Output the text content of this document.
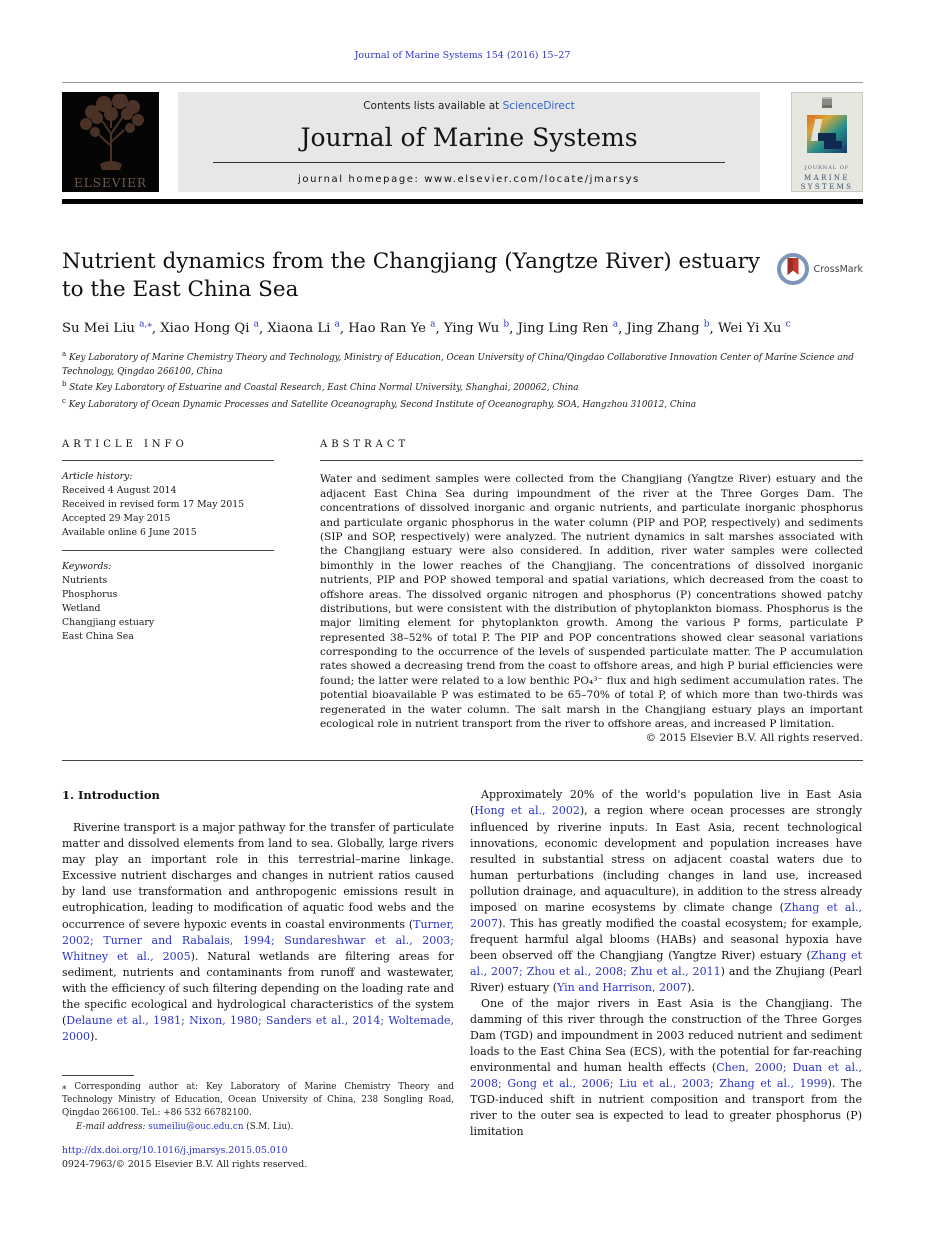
Journal of Marine Systems 154 (2016) 15–27
ELSEVIER
Contents lists available at ScienceDirect
Journal of Marine Systems
journal homepage: www.elsevier.com/locate/jmarsys
JOURNAL OF
MARINE
SYSTEMS
Nutrient dynamics from the Changjiang (Yangtze River) estuary to the East China Sea
CrossMark
Su Mei Liu $^{a,⁎}$, Xiao Hong Qi $^a$, Xiaona Li $^a$, Hao Ran Ye $^a$, Ying Wu $^b$, Jing Ling Ren $^a$, Jing Zhang $^b$, Wei Yi Xu $^c$
$^a$ Key Laboratory of Marine Chemistry Theory and Technology, Ministry of Education, Ocean University of China/Qingdao Collaborative Innovation Center of Marine Science and Technology, Qingdao 266100, China
$^b$ State Key Laboratory of Estuarine and Coastal Research, East China Normal University, Shanghai, 200062, China
$^c$ Key Laboratory of Ocean Dynamic Processes and Satellite Oceanography, Second Institute of Oceanography, SOA, Hangzhou 310012, China
ARTICLE INFO
Article history:
Received 4 August 2014
Received in revised form 17 May 2015
Accepted 29 May 2015
Available online 6 June 2015
Keywords:
Nutrients
Phosphorus
Wetland
Changjiang estuary
East China Sea
ABSTRACT
Water and sediment samples were collected from the Changjiang (Yangtze River) estuary and the adjacent East China Sea during impoundment of the river at the Three Gorges Dam. The concentrations of dissolved inorganic and organic nutrients, and particulate inorganic phosphorus and particulate organic phosphorus in the water column (PIP and POP, respectively) and sediments (SIP and SOP, respectively) were analyzed. The nutrient dynamics in salt marshes associated with the Changjiang estuary were also considered. In addition, river water samples were collected bimonthly in the lower reaches of the Changjiang. The concentrations of dissolved inorganic nutrients, PIP and POP showed temporal and spatial variations, which decreased from the coast to offshore areas. The dissolved organic nitrogen and phosphorus (P) concentrations showed patchy distributions, but were consistent with the distribution of phytoplankton biomass. Phosphorus is the major limiting element for phytoplankton growth. Among the various P forms, particulate P represented 38–52% of total P. The PIP and POP concentrations showed clear seasonal variations corresponding to the occurrence of the levels of suspended particulate matter. The P accumulation rates showed a decreasing trend from the coast to offshore areas, and high P burial efficiencies were found; the latter were related to a low benthic PO₄³⁻ flux and high sediment accumulation rates. The potential bioavailable P was estimated to be 65–70% of total P, of which more than two-thirds was regenerated in the water column. The salt marsh in the Changjiang estuary plays an important ecological role in nutrient transport from the river to offshore areas, and increased P limitation.
© 2015 Elsevier B.V. All rights reserved.

1. Introduction

Riverine transport is a major pathway for the transfer of particulate matter and dissolved elements from land to sea. Globally, large rivers may play an important role in this terrestrial–marine linkage. Excessive nutrient discharges and changes in nutrient ratios caused by land use transformation and anthropogenic emissions result in eutrophication, leading to modification of aquatic food webs and the occurrence of severe hypoxic events in coastal environments (Turner, 2002; Turner and Rabalais, 1994; Sundareshwar et al., 2003; Whitney et al., 2005). Natural wetlands are filtering areas for sediment, nutrients and contaminants from runoff and wastewater, with the efficiency of such filtering depending on the loading rate and the specific ecological and hydrological characteristics of the system (Delaune et al., 1981; Nixon, 1980; Sanders et al., 2014; Woltemade, 2000).

⁎ Corresponding author at: Key Laboratory of Marine Chemistry Theory and Technology Ministry of Education, Ocean University of China, 238 Songling Road, Qingdao 266100. Tel.: +86 532 66782100.
E-mail address: sumeiliu@ouc.edu.cn (S.M. Liu).

Approximately 20% of the world's population live in East Asia (Hong et al., 2002), a region where ocean processes are strongly influenced by riverine inputs. In East Asia, recent technological innovations, economic development and population increases have resulted in substantial stress on adjacent coastal waters due to human perturbations (including changes in land use, increased pollution drainage, and aquaculture), in addition to the stress already imposed on marine ecosystems by climate change (Zhang et al., 2007). This has greatly modified the coastal ecosystem; for example, frequent harmful algal blooms (HABs) and seasonal hypoxia have been observed off the Changjiang (Yangtze River) estuary (Zhang et al., 2007; Zhou et al., 2008; Zhu et al., 2011) and the Zhujiang (Pearl River) estuary (Yin and Harrison, 2007).

One of the major rivers in East Asia is the Changjiang. The damming of this river through the construction of the Three Gorges Dam (TGD) and impoundment in 2003 reduced nutrient and sediment loads to the East China Sea (ECS), with the potential for far-reaching environmental and human health effects (Chen, 2000; Duan et al., 2008; Gong et al., 2006; Liu et al., 2003; Zhang et al., 1999). The TGD-induced shift in nutrient composition and transport from the river to the outer sea is expected to lead to greater phosphorus (P) limitation

http://dx.doi.org/10.1016/j.jmarsys.2015.05.010
0924-7963/© 2015 Elsevier B.V. All rights reserved.
